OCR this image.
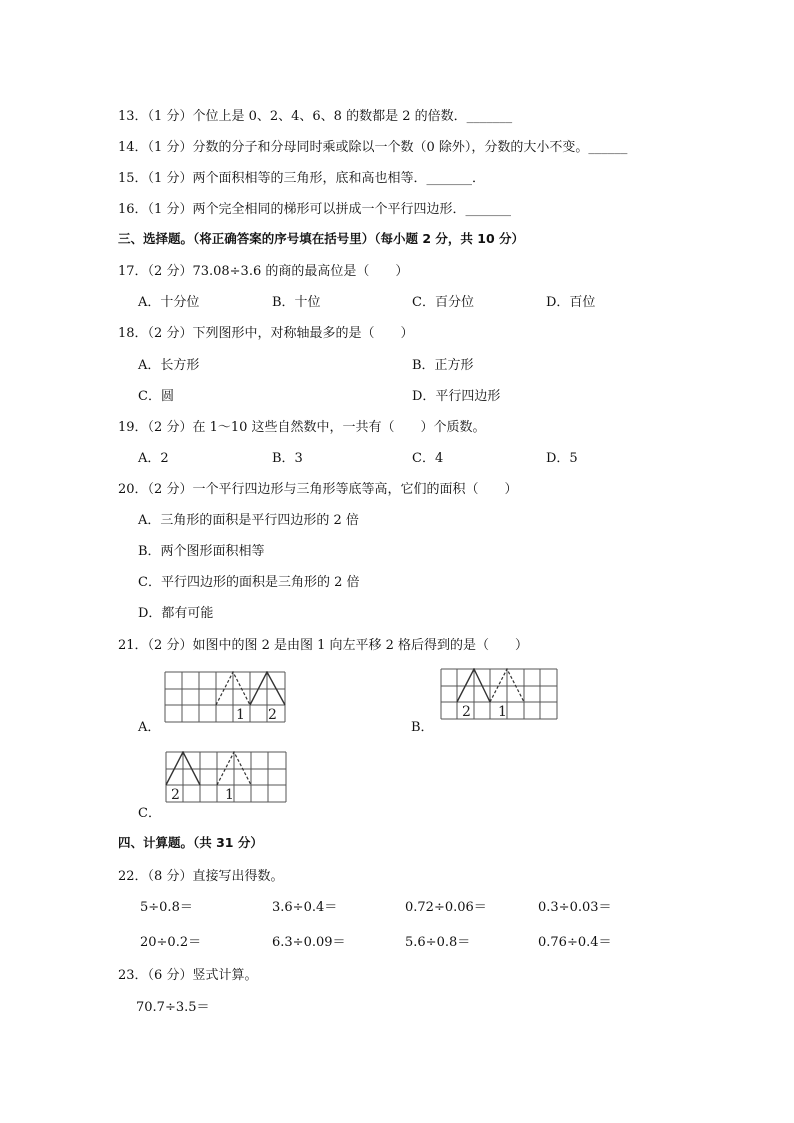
13．（1 分）个位上是 0、2、4、6、8 的数都是 2 的倍数．_______
14．（1 分）分数的分子和分母同时乘或除以一个数（0 除外），分数的大小不变。______
15．（1 分）两个面积相等的三角形，底和高也相等．_______．
16．（1 分）两个完全相同的梯形可以拼成一个平行四边形．_______
三、选择题。（将正确答案的序号填在括号里）（每小题 2 分，共 10 分）
17．（2 分）73.08÷3.6 的商的最高位是（　　）
A．十分位	B．十位	C．百分位	D．百位
18．（2 分）下列图形中，对称轴最多的是（　　）
A．长方形	B．正方形
C．圆	D．平行四边形
19．（2 分）在 1～10 这些自然数中，一共有（　　）个质数。
A．2	B．3	C．4	D．5
20．（2 分）一个平行四边形与三角形等底等高，它们的面积（　　）
A．三角形的面积是平行四边形的 2 倍
B．两个图形面积相等
C．平行四边形的面积是三角形的 2 倍
D．都有可能
21．（2 分）如图中的图 2 是由图 1 向左平移 2 格后得到的是（　　）
A．
1 2
B．
2 1
C．
2	1
四、计算题。（共 31 分）
22．（8 分）直接写出得数。
5÷0.8＝	3.6÷0.4＝	0.72÷0.06＝	0.3÷0.03＝
20÷0.2＝	6.3÷0.09＝	5.6÷0.8＝	0.76÷0.4＝
23．（6 分）竖式计算。
70.7÷3.5＝
